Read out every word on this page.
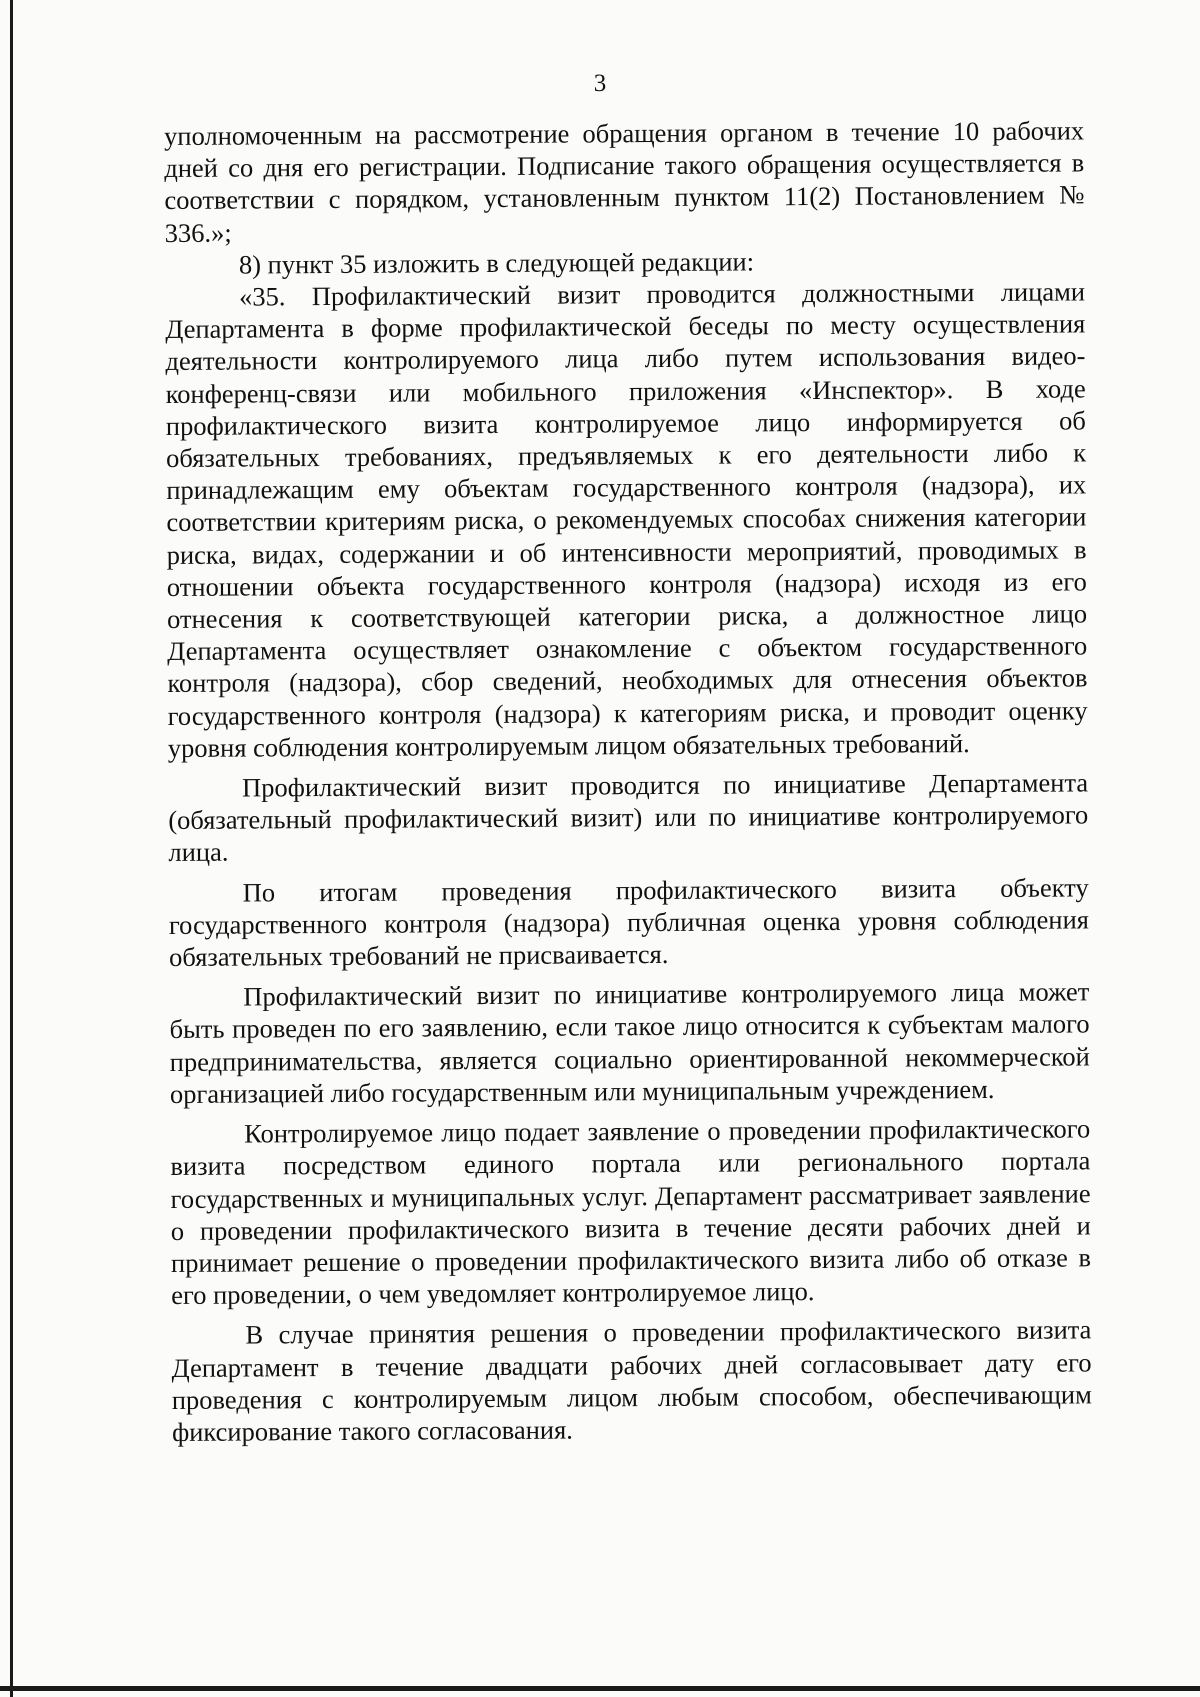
3

уполномоченным на рассмотрение обращения органом в течение 10 рабочих дней со дня его регистрации. Подписание такого обращения осуществляется в соответствии с порядком, установленным пунктом 11(2) Постановлением № 336.»;

8) пункт 35 изложить в следующей редакции:

«35. Профилактический визит проводится должностными лицами Департамента в форме профилактической беседы по месту осуществления деятельности контролируемого лица либо путем использования видео-конференц-связи или мобильного приложения «Инспектор». В ходе профилактического визита контролируемое лицо информируется об обязательных требованиях, предъявляемых к его деятельности либо к принадлежащим ему объектам государственного контроля (надзора), их соответствии критериям риска, о рекомендуемых способах снижения категории риска, видах, содержании и об интенсивности мероприятий, проводимых в отношении объекта государственного контроля (надзора) исходя из его отнесения к соответствующей категории риска, а должностное лицо Департамента осуществляет ознакомление с объектом государственного контроля (надзора), сбор сведений, необходимых для отнесения объектов государственного контроля (надзора) к категориям риска, и проводит оценку уровня соблюдения контролируемым лицом обязательных требований.

Профилактический визит проводится по инициативе Департамента (обязательный профилактический визит) или по инициативе контролируемого лица.

По итогам проведения профилактического визита объекту государственного контроля (надзора) публичная оценка уровня соблюдения обязательных требований не присваивается.

Профилактический визит по инициативе контролируемого лица может быть проведен по его заявлению, если такое лицо относится к субъектам малого предпринимательства, является социально ориентированной некоммерческой организацией либо государственным или муниципальным учреждением.

Контролируемое лицо подает заявление о проведении профилактического визита посредством единого портала или регионального портала государственных и муниципальных услуг. Департамент рассматривает заявление о проведении профилактического визита в течение десяти рабочих дней и принимает решение о проведении профилактического визита либо об отказе в его проведении, о чем уведомляет контролируемое лицо.

В случае принятия решения о проведении профилактического визита Департамент в течение двадцати рабочих дней согласовывает дату его проведения с контролируемым лицом любым способом, обеспечивающим фиксирование такого согласования.
